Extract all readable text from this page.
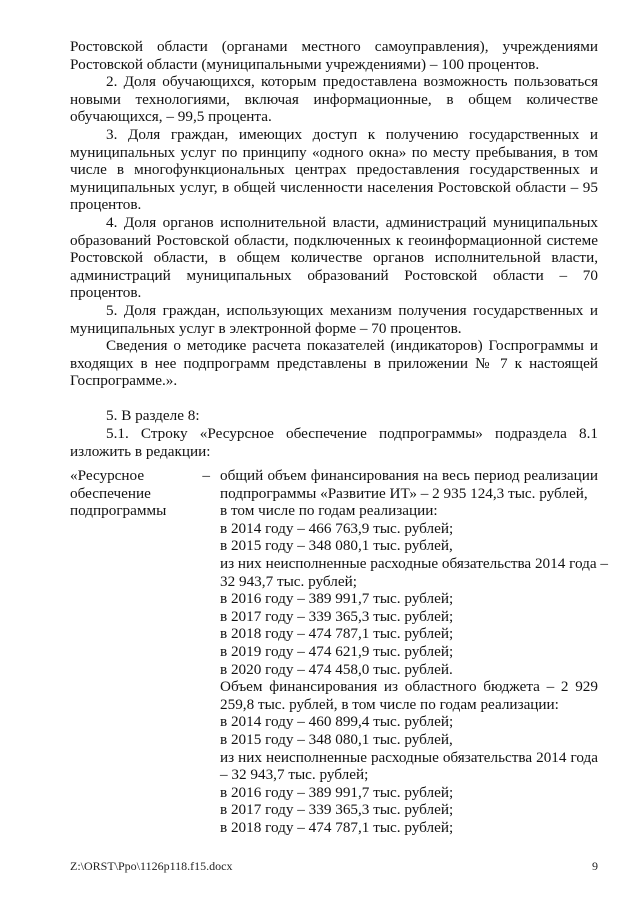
Ростовской области (органами местного самоуправления), учреждениями Ростовской области (муниципальными учреждениями) – 100 процентов.

2. Доля обучающихся, которым предоставлена возможность пользоваться новыми технологиями, включая информационные, в общем количестве обучающихся, – 99,5 процента.

3. Доля граждан, имеющих доступ к получению государственных и муниципальных услуг по принципу «одного окна» по месту пребывания, в том числе в многофункциональных центрах предоставления государственных и муниципальных услуг, в общей численности населения Ростовской области – 95 процентов.

4. Доля органов исполнительной власти, администраций муниципальных образований Ростовской области, подключенных к геоинформационной системе Ростовской области, в общем количестве органов исполнительной власти, администраций муниципальных образований Ростовской области – 70 процентов.

5. Доля граждан, использующих механизм получения государственных и муниципальных услуг в электронной форме – 70 процентов.

Сведения о методике расчета показателей (индикаторов) Госпрограммы и входящих в нее подпрограмм представлены в приложении № 7 к настоящей Госпрограмме.».

5. В разделе 8:

5.1. Строку «Ресурсное обеспечение подпрограммы» подраздела 8.1 изложить в редакции:

«Ресурсное
обеспечение
подпрограммы
– общий объем финансирования на весь период реализации подпрограммы «Развитие ИТ» – 2 935 124,3 тыс. рублей,
в том числе по годам реализации:
в 2014 году – 466 763,9 тыс. рублей;
в 2015 году – 348 080,1 тыс. рублей,
из них неисполненные расходные обязательства 2014 года –
32 943,7 тыс. рублей;
в 2016 году – 389 991,7 тыс. рублей;
в 2017 году – 339 365,3 тыс. рублей;
в 2018 году – 474 787,1 тыс. рублей;
в 2019 году – 474 621,9 тыс. рублей;
в 2020 году – 474 458,0 тыс. рублей.
Объем финансирования из областного бюджета – 2 929 259,8 тыс. рублей, в том числе по годам реализации:
в 2014 году – 460 899,4 тыс. рублей;
в 2015 году – 348 080,1 тыс. рублей,
из них неисполненные расходные обязательства 2014 года – 32 943,7 тыс. рублей;
в 2016 году – 389 991,7 тыс. рублей;
в 2017 году – 339 365,3 тыс. рублей;
в 2018 году – 474 787,1 тыс. рублей;
Z:\ORST\Ppo\1126p118.f15.docx	9
